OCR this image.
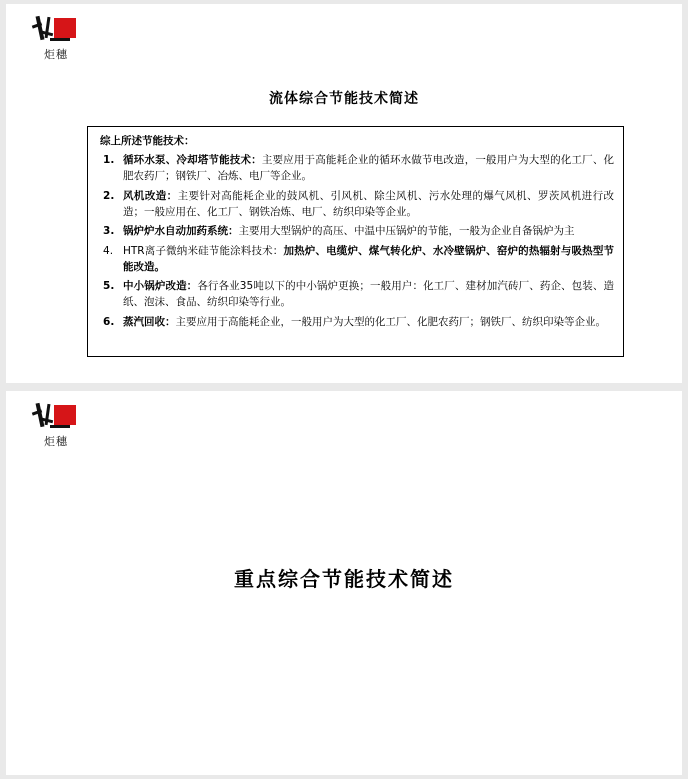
炬穗
流体综合节能技术简述
综上所述节能技术：
循环水泵、冷却塔节能技术：主要应用于高能耗企业的循环水做节电改造，一般用户为大型的化工厂、化肥农药厂；钢铁厂、冶炼、电厂等企业。
风机改造：主要针对高能耗企业的鼓风机、引风机、除尘风机、污水处理的爆气风机、罗茨风机进行改造；一般应用在、化工厂、钢铁冶炼、电厂、纺织印染等企业。
锅炉炉水自动加药系统：主要用大型锅炉的高压、中温中压锅炉的节能，一般为企业自备锅炉为主
HTR离子微纳米硅节能涂料技术：加热炉、电缆炉、煤气转化炉、水冷壁锅炉、窑炉的热辐射与吸热型节能改造。
中小锅炉改造：各行各业35吨以下的中小锅炉更换；一般用户：化工厂、建材加汽砖厂、药企、包装、造纸、泡沫、食品、纺织印染等行业。
蒸汽回收：主要应用于高能耗企业，一般用户为大型的化工厂、化肥农药厂；钢铁厂、纺织印染等企业。
炬穗
重点综合节能技术简述
